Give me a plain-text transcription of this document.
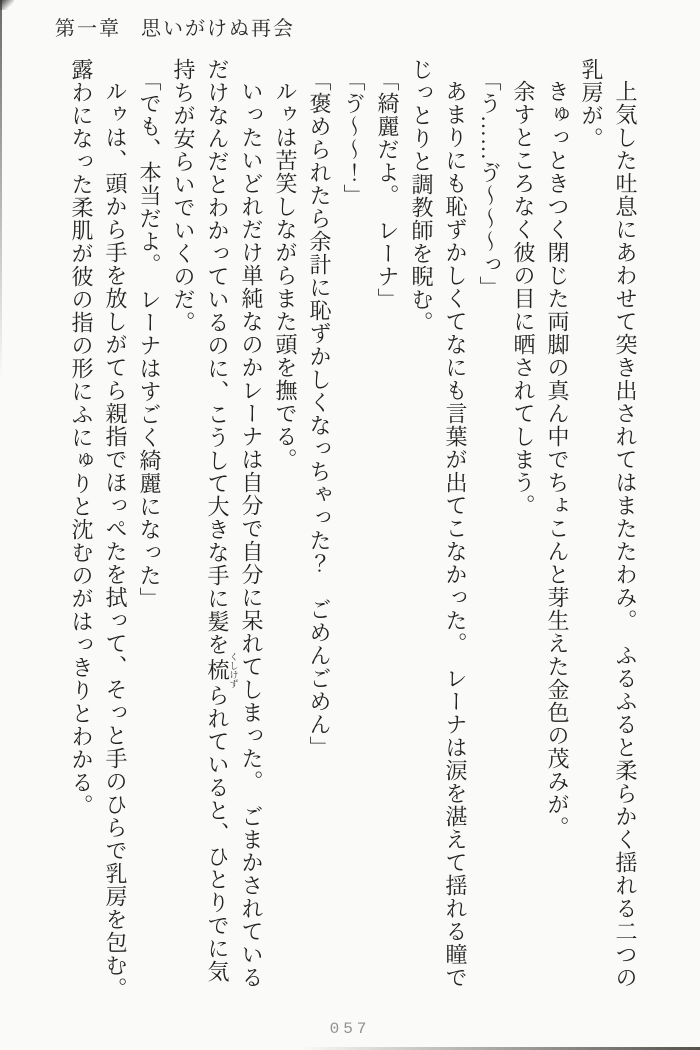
第一章 思いがけぬ再会

上気した吐息にあわせて突き出されてはまたたわみ。　ふるふると柔らかく揺れる二つの乳房が。

きゅっときつく閉じた両脚の真ん中でちょこんと芽生えた金色の茂みが。

余すところなく彼の目に晒されてしまう。

「う……ゔ～～～っ」

あまりにも恥ずかしくてなにも言葉が出てこなかった。　レーナは涙を湛えて揺れる瞳でじっとりと調教師を睨む。

「綺麗だよ。　レーナ」

「ゔ～～！」

「褒められたら余計に恥ずかしくなっちゃった？　ごめんごめん」

ルゥは苦笑しながらまた頭を撫でる。

いったいどれだけ単純なのかレーナは自分で自分に呆れてしまった。　ごまかされているだけなんだとわかっているのに、こうして大きな手に髪を梳くしけずられていると、ひとりでに気持ちが安らいでいくのだ。

「でも、本当だよ。　レーナはすごく綺麗になった」

ルゥは、頭から手を放しがてら親指でほっぺたを拭って、そっと手のひらで乳房を包む。

露わになった柔肌が彼の指の形にふにゅりと沈むのがはっきりとわかる。

057
